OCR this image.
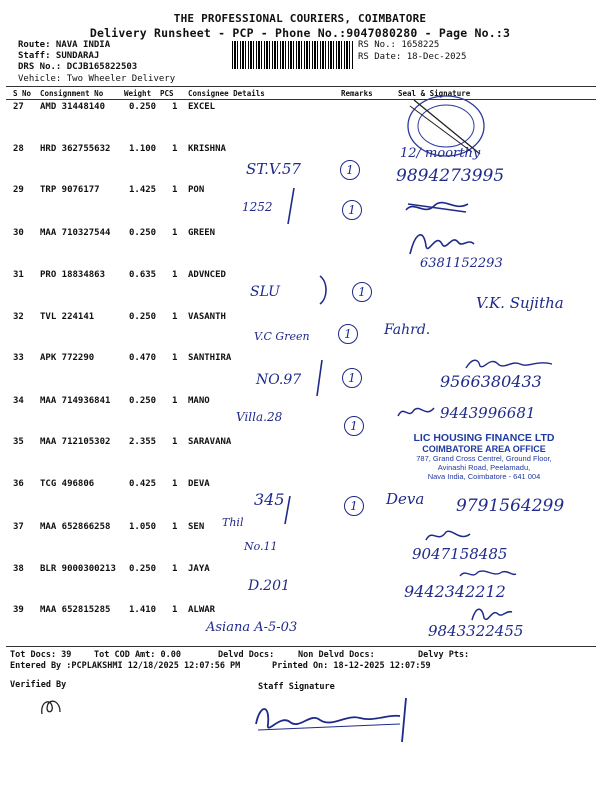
THE PROFESSIONAL COURIERS, COIMBATORE
Delivery Runsheet - PCP - Phone No.:9047080280 - Page No.:3
Route: NAVA INDIA
Staff: SUNDARAJ
DRS No.: DCJB165822503
Vehicle: Two Wheeler Delivery
RS No.: 1658225
RS Date: 18-Dec-2025
S No Consignment No	Weight PCS Consignee Details	Remarks	Seal & Signature
27 AMD 31448140	0.250 1 EXCEL
28 HRD 362755632 1.100 1 KRISHNA
29 TRP 9076177	1.425 1 PON
30 MAA 710327544 0.250 1 GREEN
31 PRO 18834863	0.635 1 ADVNCED
32 TVL 224141	0.250 1 VASANTH
33 APK 772290	0.470 1 SANTHIRA
34 MAA 714936841 0.250 1 MANO
35 MAA 712105302 2.355 1 SARAVANA
36 TCG 496806	0.425 1 DEVA
37 MAA 652866258 1.050 1 SEN
38 BLR 9000300213 0.250 1 JAYA
39 MAA 652815285 1.410 1 ALWAR
Tot Docs: 39	Tot COD Amt: 0.00	Delvd Docs:	Non Delvd Docs:	Delvy Pts:
Entered By :PCPLAKSHMI 12/18/2025 12:07:56 PM	Printed On: 18-12-2025 12:07:59
Verified By	Staff Signature
LIC HOUSING FINANCE LTD
COIMBATORE AREA OFFICE
787, Grand Cross Centrel, Ground Floor,
Avinashi Road, Peelamadu,
Nava India, Coimbatore - 641 004
ST.V.57
12/ moorthy
9894273995
1252
6381152293
SLU
V.K. Sujitha
V.C Green	Fahrd.
NO.97	9566380433
Villa.28	9443996681
345	Deva 9791564299
Thil
No.11	9047158485
D.201	9442342212
Asiana A-5-03	9843322455
1
1
1
1
1
1
1
